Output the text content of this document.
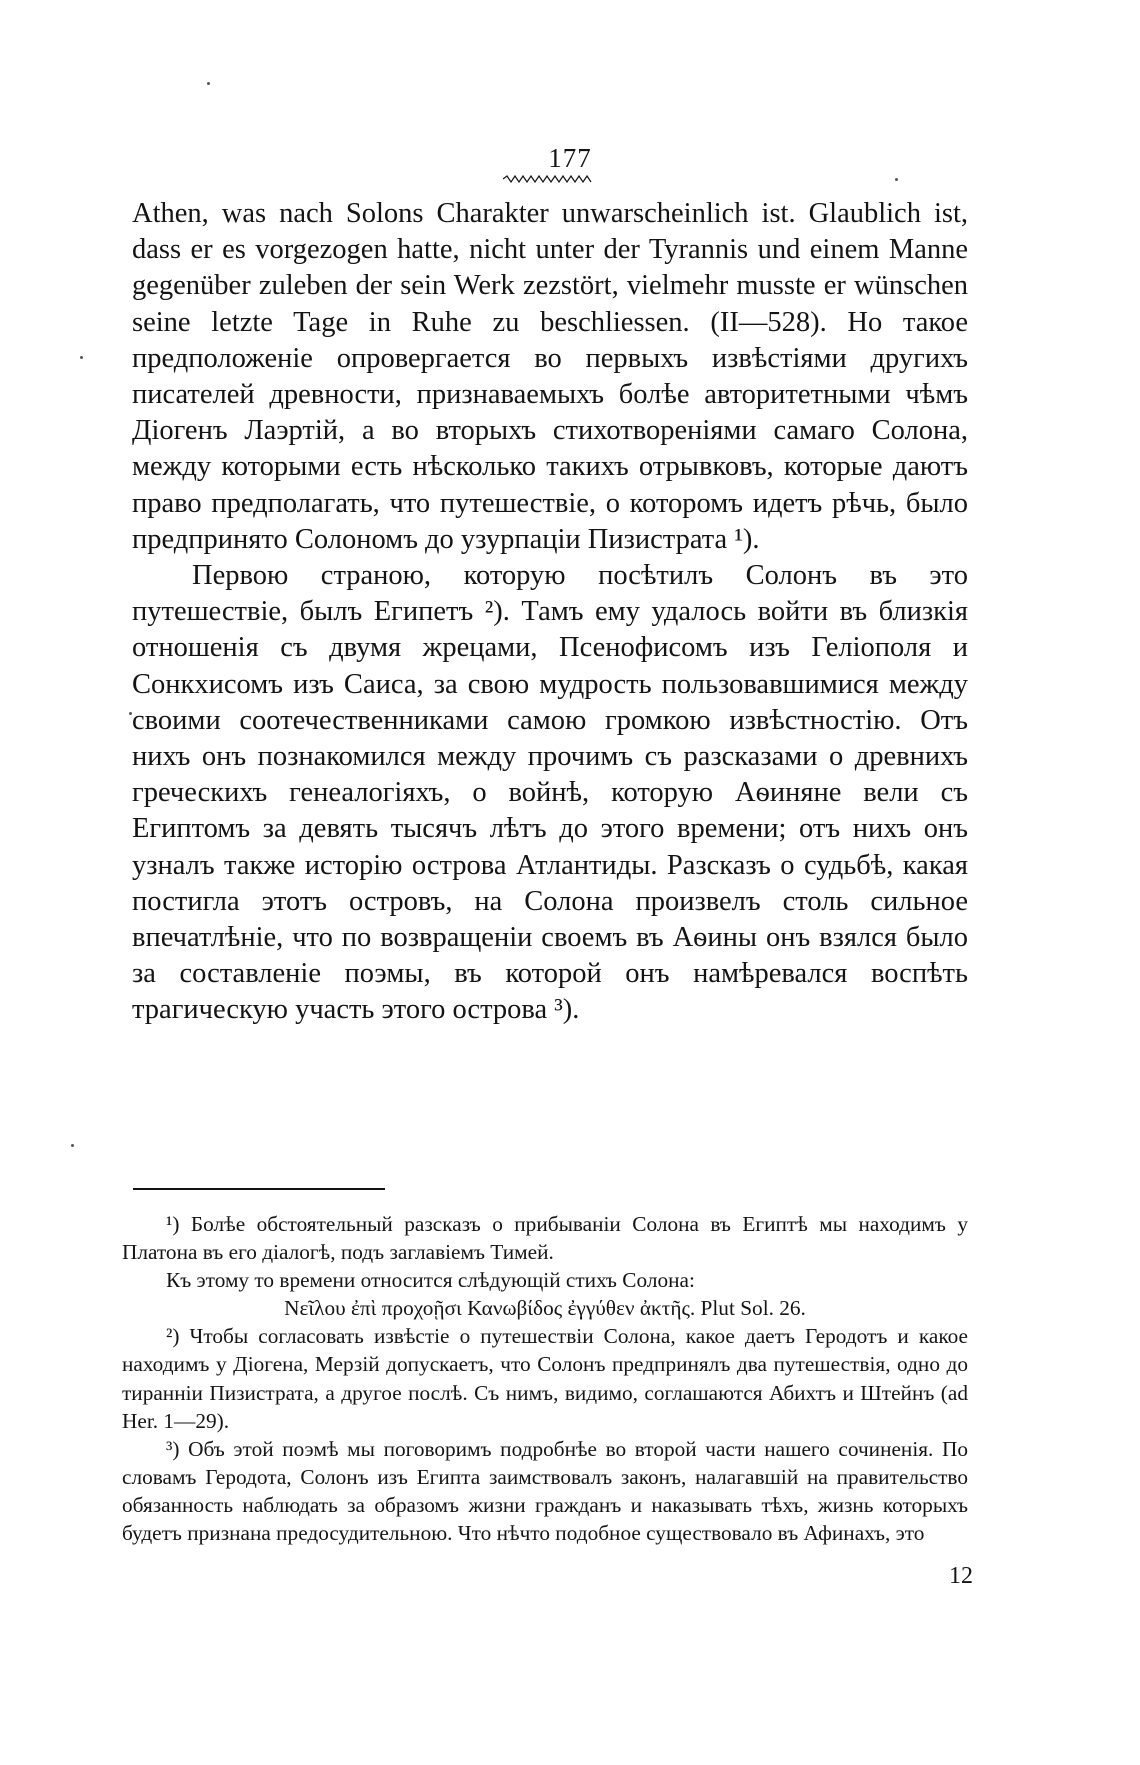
177

Athen, was nach Solons Charakter unwarscheinlich ist. Glaublich ist, dass er es vorgezogen hatte, nicht unter der Tyrannis und einem Manne gegenüber zuleben der sein Werk zezstört, vielmehr musste er wünschen seine letzte Tage in Ruhe zu beschliessen. (II—528). Но такое предположеніе опровергается во первыхъ извѣстіями другихъ писателей древности, признаваемыхъ болѣе авторитетными чѣмъ Діогенъ Лаэртій, а во вторыхъ стихотвореніями самаго Солона, между которыми есть нѣсколько такихъ отрывковъ, которые даютъ право предполагать, что путешествіе, о которомъ идетъ рѣчь, было предпринято Солономъ до узурпаціи Пизистрата ¹).

Первою страною, которую посѣтилъ Солонъ въ это путешествіе, былъ Египетъ ²). Тамъ ему удалось войти въ близкія отношенія съ двумя жрецами, Псенофисомъ изъ Геліополя и Сонкхисомъ изъ Саиса, за свою мудрость пользовавшимися между своими соотечественниками самою громкою извѣстностію. Отъ нихъ онъ познакомился между прочимъ съ разсказами о древнихъ греческихъ генеалогіяхъ, о войнѣ, которую Аѳиняне вели съ Египтомъ за девять тысячъ лѣтъ до этого времени; отъ нихъ онъ узналъ также исторію острова Атлантиды. Разсказъ о судьбѣ, какая постигла этотъ островъ, на Солона произвелъ столь сильное впечатлѣніе, что по возвращеніи своемъ въ Аѳины онъ взялся было за составленіе поэмы, въ которой онъ намѣревался воспѣть трагическую участь этого острова ³).

¹) Болѣе обстоятельный разсказъ о прибываніи Солона въ Египтѣ мы находимъ у Платона въ его діалогѣ, подъ заглавіемъ Тимей.

Къ этому то времени относится слѣдующій стихъ Солона:

Νεῖλου ἐπὶ προχοῇσι Κανωβίδος ἐγγύθεν ἀκτῆς. Plut Sol. 26.

²) Чтобы согласовать извѣстіе о путешествіи Солона, какое даетъ Геродотъ и какое находимъ у Діогена, Мерзій допускаетъ, что Солонъ предпринялъ два путешествія, одно до тиранніи Пизистрата, а другое послѣ. Съ нимъ, видимо, соглашаются Абихтъ и Штейнъ (ad Her. 1—29).

³) Объ этой поэмѣ мы поговоримъ подробнѣе во второй части нашего сочиненія. По словамъ Геродота, Солонъ изъ Египта заимствовалъ законъ, налагавшій на правительство обязанность наблюдать за образомъ жизни гражданъ и наказывать тѣхъ, жизнь которыхъ будетъ признана предосудительною. Что нѣчто подобное существовало въ Афинахъ, это

12
